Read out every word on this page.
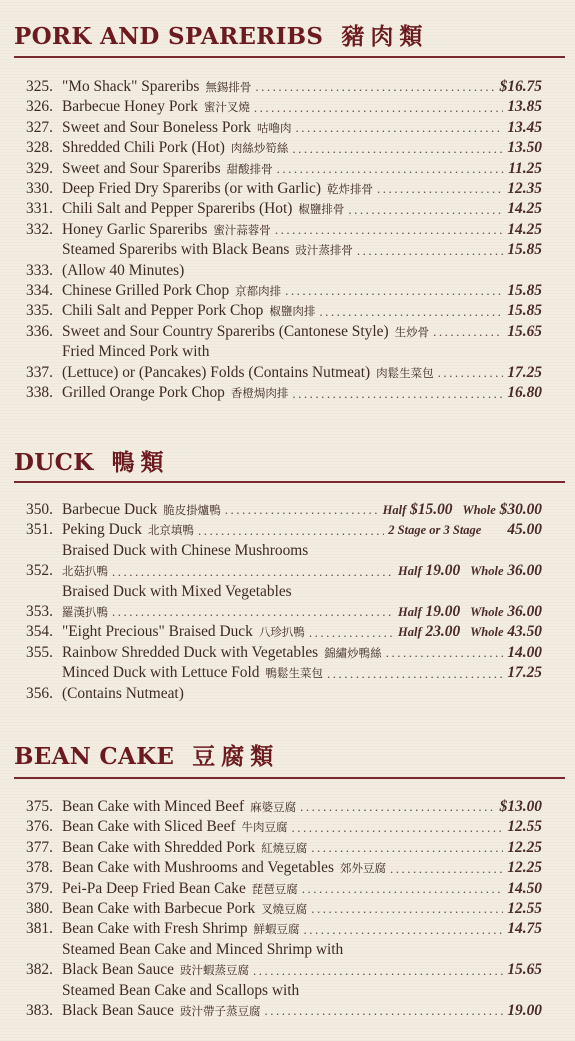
PORK AND SPARERIBS 豬肉類
325. "Mo Shack" Spareribs 無錫排骨 .....	$16.75
326. Barbecue Honey Pork 蜜汁叉燒 .....	13.85
327. Sweet and Sour Boneless Pork 咕嚕肉 .....	13.45
328. Shredded Chili Pork (Hot) 肉絲炒筍絲 .....	13.50
329. Sweet and Sour Spareribs 甜酸排骨 .....	11.25
330. Deep Fried Dry Spareribs (or with Garlic) 乾炸排骨 .....	12.35
331. Chili Salt and Pepper Spareribs (Hot) 椒鹽排骨 .....	14.25
332. Honey Garlic Spareribs 蜜汁蒜蓉骨 .....	14.25
333.
Steamed Spareribs with Black Beans 豉汁蒸排骨 .....	15.85
(Allow 40 Minutes)
334. Chinese Grilled Pork Chop 京都肉排 .....	15.85
335. Chili Salt and Pepper Pork Chop 椒鹽肉排 .....	15.85
336. Sweet and Sour Country Spareribs (Cantonese Style) 生炒骨 .....	15.65
337.
Fried Minced Pork with
(Lettuce) or (Pancakes) Folds (Contains Nutmeat) 肉鬆生菜包 .....	17.25
338. Grilled Orange Pork Chop 香橙焗肉排 .....	16.80
DUCK 鴨類
350. Barbecue Duck 脆皮掛爐鴨 .....	Half $15.00 Whole $30.00
351. Peking Duck 北京填鴨 .....	2 Stage or 3 Stage 45.00
352.
Braised Duck with Chinese Mushrooms
北菇扒鴨 .....	Half 19.00 Whole 36.00
353.
Braised Duck with Mixed Vegetables
羅漢扒鴨 .....	Half 19.00 Whole 36.00
354. "Eight Precious" Braised Duck 八珍扒鴨 .....	Half 23.00 Whole 43.50
355. Rainbow Shredded Duck with Vegetables 錦繡炒鴨絲 .....	14.00
356.
Minced Duck with Lettuce Fold 鴨鬆生菜包 .....	17.25
(Contains Nutmeat)
BEAN CAKE 豆腐類
375. Bean Cake with Minced Beef 麻婆豆腐 .....	$13.00
376. Bean Cake with Sliced Beef 牛肉豆腐 .....	12.55
377. Bean Cake with Shredded Pork 紅燒豆腐 .....	12.25
378. Bean Cake with Mushrooms and Vegetables 郊外豆腐 .....	12.25
379. Pei-Pa Deep Fried Bean Cake 琵琶豆腐 .....	14.50
380. Bean Cake with Barbecue Pork 叉燒豆腐 .....	12.55
381. Bean Cake with Fresh Shrimp 鮮蝦豆腐 .....	14.75
382.
Steamed Bean Cake and Minced Shrimp with
Black Bean Sauce 豉汁蝦蒸豆腐 .....	15.65
383.
Steamed Bean Cake and Scallops with
Black Bean Sauce 豉汁帶子蒸豆腐 .....	19.00
